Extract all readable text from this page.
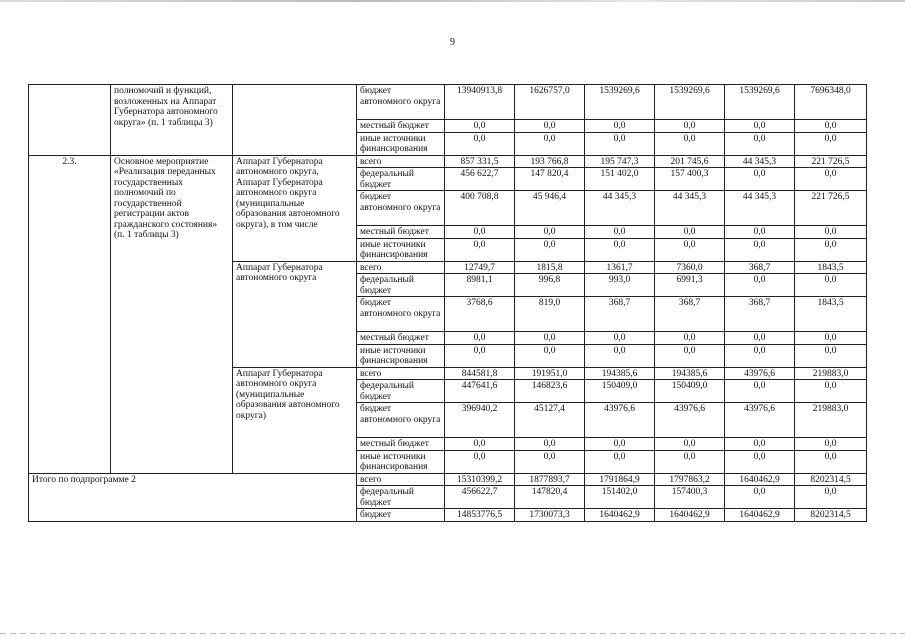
9
	полномочий и функций, возложенных на Аппарат Губернатора автономного округа» (п. 1 таблицы 3)		бюджет автономного округа	13940913,8	1626757,0	1539269,6	1539269,6	1539269,6	7696348,0
			местный бюджет	0,0	0,0	0,0	0,0	0,0	0,0
			иные источники финансирования	0,0	0,0	0,0	0,0	0,0	0,0
2.3.	Основное мероприятие «Реализация переданных государственных полномочий по государственной регистрации актов гражданского состояния» (п. 1 таблицы 3)	Аппарат Губернатора автономного округа, Аппарат Губернатора автономного округа (муниципальные образования автономного округа), в том числе	всего	857 331,5	193 766,8	195 747,3	201 745,6	44 345,3	221 726,5
			федеральный бюджет	456 622,7	147 820,4	151 402,0	157 400,3	0,0	0,0
			бюджет автономного округа	400 708,8	45 946,4	44 345,3	44 345,3	44 345,3	221 726,5
			местный бюджет	0,0	0,0	0,0	0,0	0,0	0,0
			иные источники финансирования	0,0	0,0	0,0	0,0	0,0	0,0
		Аппарат Губернатора автономного округа	всего	12749,7	1815,8	1361,7	7360,0	368,7	1843,5
			федеральный бюджет	8981,1	996,8	993,0	6991,3	0,0	0,0
			бюджет автономного округа	3768,6	819,0	368,7	368,7	368,7	1843,5
			местный бюджет	0,0	0,0	0,0	0,0	0,0	0,0
			иные источники финансирования	0,0	0,0	0,0	0,0	0,0	0,0
		Аппарат Губернатора автономного округа (муниципальные образования автономного округа)	всего	844581,8	191951,0	194385,6	194385,6	43976,6	219883,0
			федеральный бюджет	447641,6	146823,6	150409,0	150409,0	0,0	0,0
			бюджет автономного округа	396940,2	45127,4	43976,6	43976,6	43976,6	219883,0
			местный бюджет	0,0	0,0	0,0	0,0	0,0	0,0
			иные источники финансирования	0,0	0,0	0,0	0,0	0,0	0,0
Итого по подпрограмме 2			всего	15310399,2	1877893,7	1791864,9	1797863,2	1640462,9	8202314,5
			федеральный бюджет	456622,7	147820,4	151402,0	157400,3	0,0	0,0
			бюджет	14853776,5	1730073,3	1640462,9	1640462,9	1640462,9	8202314,5
